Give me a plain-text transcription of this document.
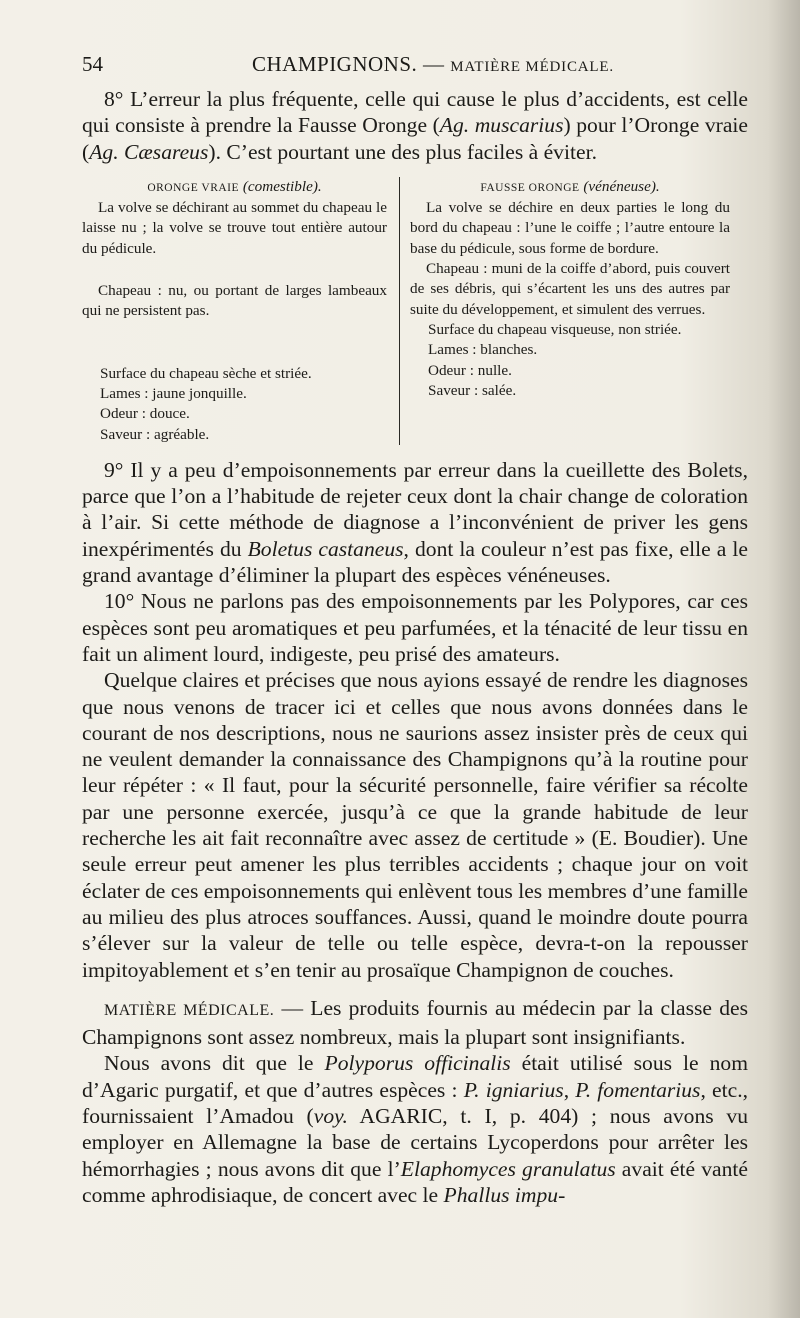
54	CHAMPIGNONS. — MATIÈRE MÉDICALE.

8° L’erreur la plus fréquente, celle qui cause le plus d’accidents, est celle qui consiste à prendre la Fausse Oronge (Ag. muscarius) pour l’Oronge vraie (Ag. Cæsareus). C’est pourtant une des plus faciles à éviter.

ORONGE VRAIE (comestible).

La volve se déchirant au sommet du chapeau le laisse nu ; la volve se trouve tout entière autour du pédicule.

Chapeau : nu, ou portant de larges lambeaux qui ne persistent pas.

Surface du chapeau sèche et striée.

Lames : jaune jonquille.

Odeur : douce.

Saveur : agréable.

FAUSSE ORONGE (vénéneuse).

La volve se déchire en deux parties le long du bord du chapeau : l’une le coiffe ; l’autre entoure la base du pédicule, sous forme de bordure.

Chapeau : muni de la coiffe d’abord, puis couvert de ses débris, qui s’écartent les uns des autres par suite du développement, et simulent des verrues.

Surface du chapeau visqueuse, non striée.

Lames : blanches.

Odeur : nulle.

Saveur : salée.

9° Il y a peu d’empoisonnements par erreur dans la cueillette des Bolets, parce que l’on a l’habitude de rejeter ceux dont la chair change de coloration à l’air. Si cette méthode de diagnose a l’inconvénient de priver les gens inexpérimentés du Boletus castaneus, dont la couleur n’est pas fixe, elle a le grand avantage d’éliminer la plupart des espèces vénéneuses.

10° Nous ne parlons pas des empoisonnements par les Polypores, car ces espèces sont peu aromatiques et peu parfumées, et la ténacité de leur tissu en fait un aliment lourd, indigeste, peu prisé des amateurs.

Quelque claires et précises que nous ayions essayé de rendre les diagnoses que nous venons de tracer ici et celles que nous avons données dans le courant de nos descriptions, nous ne saurions assez insister près de ceux qui ne veulent demander la connaissance des Champignons qu’à la routine pour leur répéter : « Il faut, pour la sécurité personnelle, faire vérifier sa récolte par une personne exercée, jusqu’à ce que la grande habitude de leur recherche les ait fait reconnaître avec assez de certitude » (E. Boudier). Une seule erreur peut amener les plus terribles accidents ; chaque jour on voit éclater de ces empoisonnements qui enlèvent tous les membres d’une famille au milieu des plus atroces souffances. Aussi, quand le moindre doute pourra s’élever sur la valeur de telle ou telle espèce, devra-t-on la repousser impitoyablement et s’en tenir au prosaïque Champignon de couches.

MATIÈRE MÉDICALE. — Les produits fournis au médecin par la classe des Champignons sont assez nombreux, mais la plupart sont insignifiants.

Nous avons dit que le Polyporus officinalis était utilisé sous le nom d’Agaric purgatif, et que d’autres espèces : P. igniarius, P. fomentarius, etc., fournissaient l’Amadou (voy. AGARIC, t. I, p. 404) ; nous avons vu employer en Allemagne la base de certains Lycoperdons pour arrêter les hémorrhagies ; nous avons dit que l’Elaphomyces granulatus avait été vanté comme aphrodisiaque, de concert avec le Phallus impu-
